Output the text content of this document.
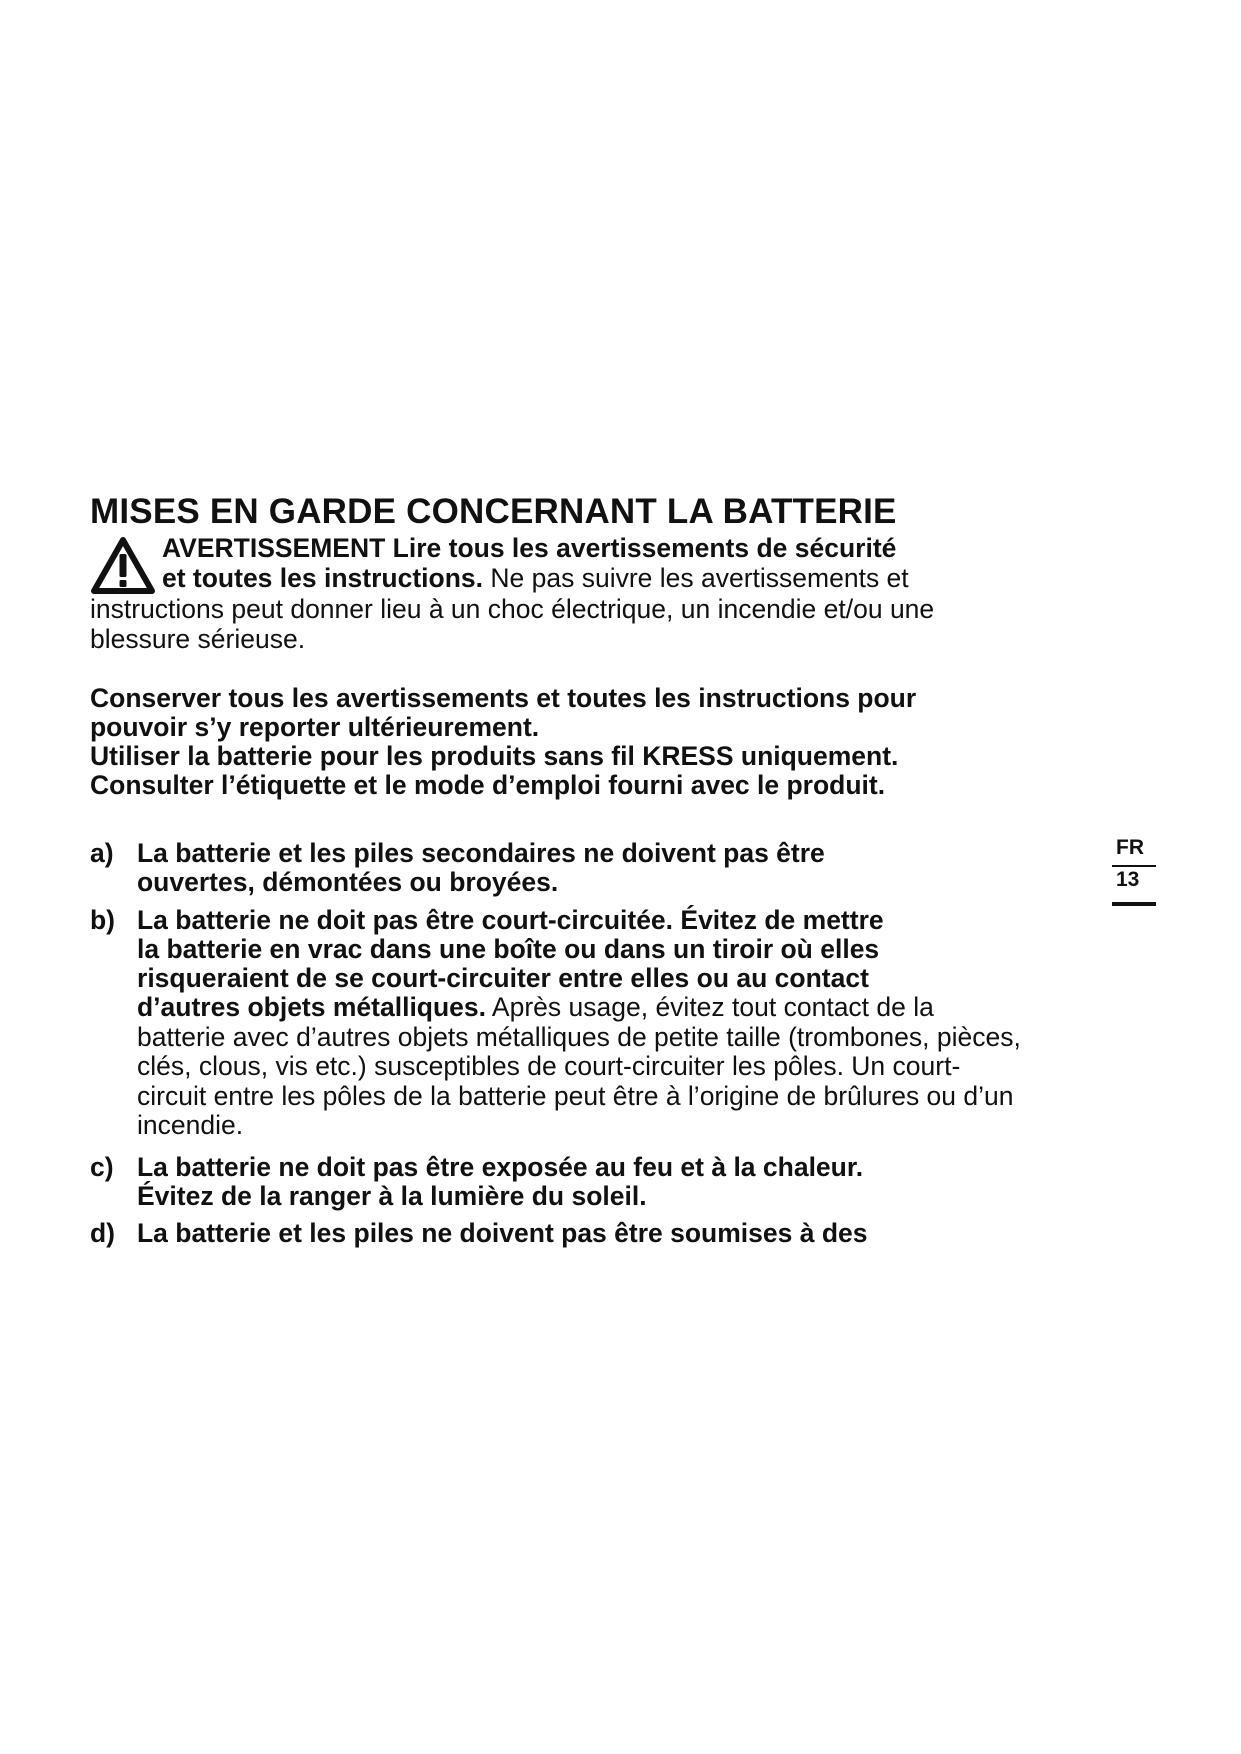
MISES EN GARDE CONCERNANT LA BATTERIE
AVERTISSEMENT Lire tous les avertissements de sécurité
et toutes les instructions. Ne pas suivre les avertissements et
instructions peut donner lieu à un choc électrique, un incendie et/ou une
blessure sérieuse.
Conserver tous les avertissements et toutes les instructions pour
pouvoir s’y reporter ultérieurement.
Utiliser la batterie pour les produits sans fil KRESS uniquement.
Consulter l’étiquette et le mode d’emploi fourni avec le produit.
a) La batterie et les piles secondaires ne doivent pas être
ouvertes, démontées ou broyées.
b) La batterie ne doit pas être court-circuitée. Évitez de mettre
la batterie en vrac dans une boîte ou dans un tiroir où elles
risqueraient de se court-circuiter entre elles ou au contact
d’autres objets métalliques. Après usage, évitez tout contact de la
batterie avec d’autres objets métalliques de petite taille (trombones, pièces,
clés, clous, vis etc.) susceptibles de court-circuiter les pôles. Un court-
circuit entre les pôles de la batterie peut être à l’origine de brûlures ou d’un
incendie.
c) La batterie ne doit pas être exposée au feu et à la chaleur.
Évitez de la ranger à la lumière du soleil.
d) La batterie et les piles ne doivent pas être soumises à des
FR
13
